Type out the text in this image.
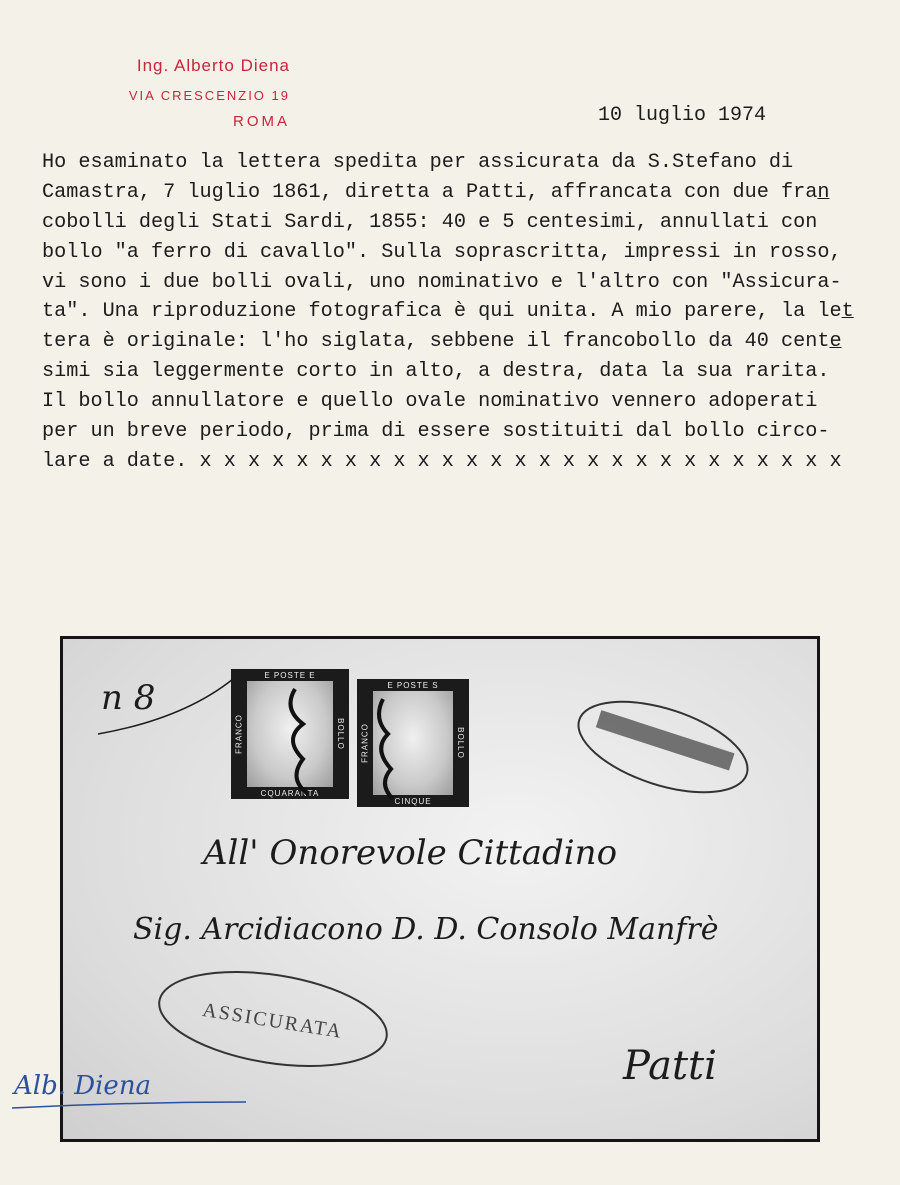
Ing. Alberto Diena
VIA CRESCENZIO 19
ROMA	10 luglio 1974
Ho esaminato la lettera spedita per assicurata da S.Stefano di
Camastra, 7 luglio 1861, diretta a Patti, affrancata con due fran
cobolli degli Stati Sardi, 1855: 40 e 5 centesimi, annullati con
bollo "a ferro di cavallo". Sulla soprascritta, impressi in rosso,
vi sono i due bolli ovali, uno nominativo e l'altro con "Assicura-
ta". Una riproduzione fotografica è qui unita. A mio parere, la let
tera è originale: l'ho siglata, sebbene il francobollo da 40 cente
simi sia leggermente corto in alto, a destra, data la sua rarita.
Il bollo annullatore e quello ovale nominativo vennero adoperati
per un breve periodo, prima di essere sostituiti dal bollo circo-
lare a date. x x x x x x x x x x x x x x x x x x x x x x x x x x x
n 8
All' Onorevole Cittadino
Sig. Arcidiacono D. D. Consolo Manfrè
Patti
ASSICURATA
E POSTE E
FRANCO	BOLLO
CQUARANTA
E POSTE S
FRANCO	BOLLO
CINQUE
Alb. Diena
